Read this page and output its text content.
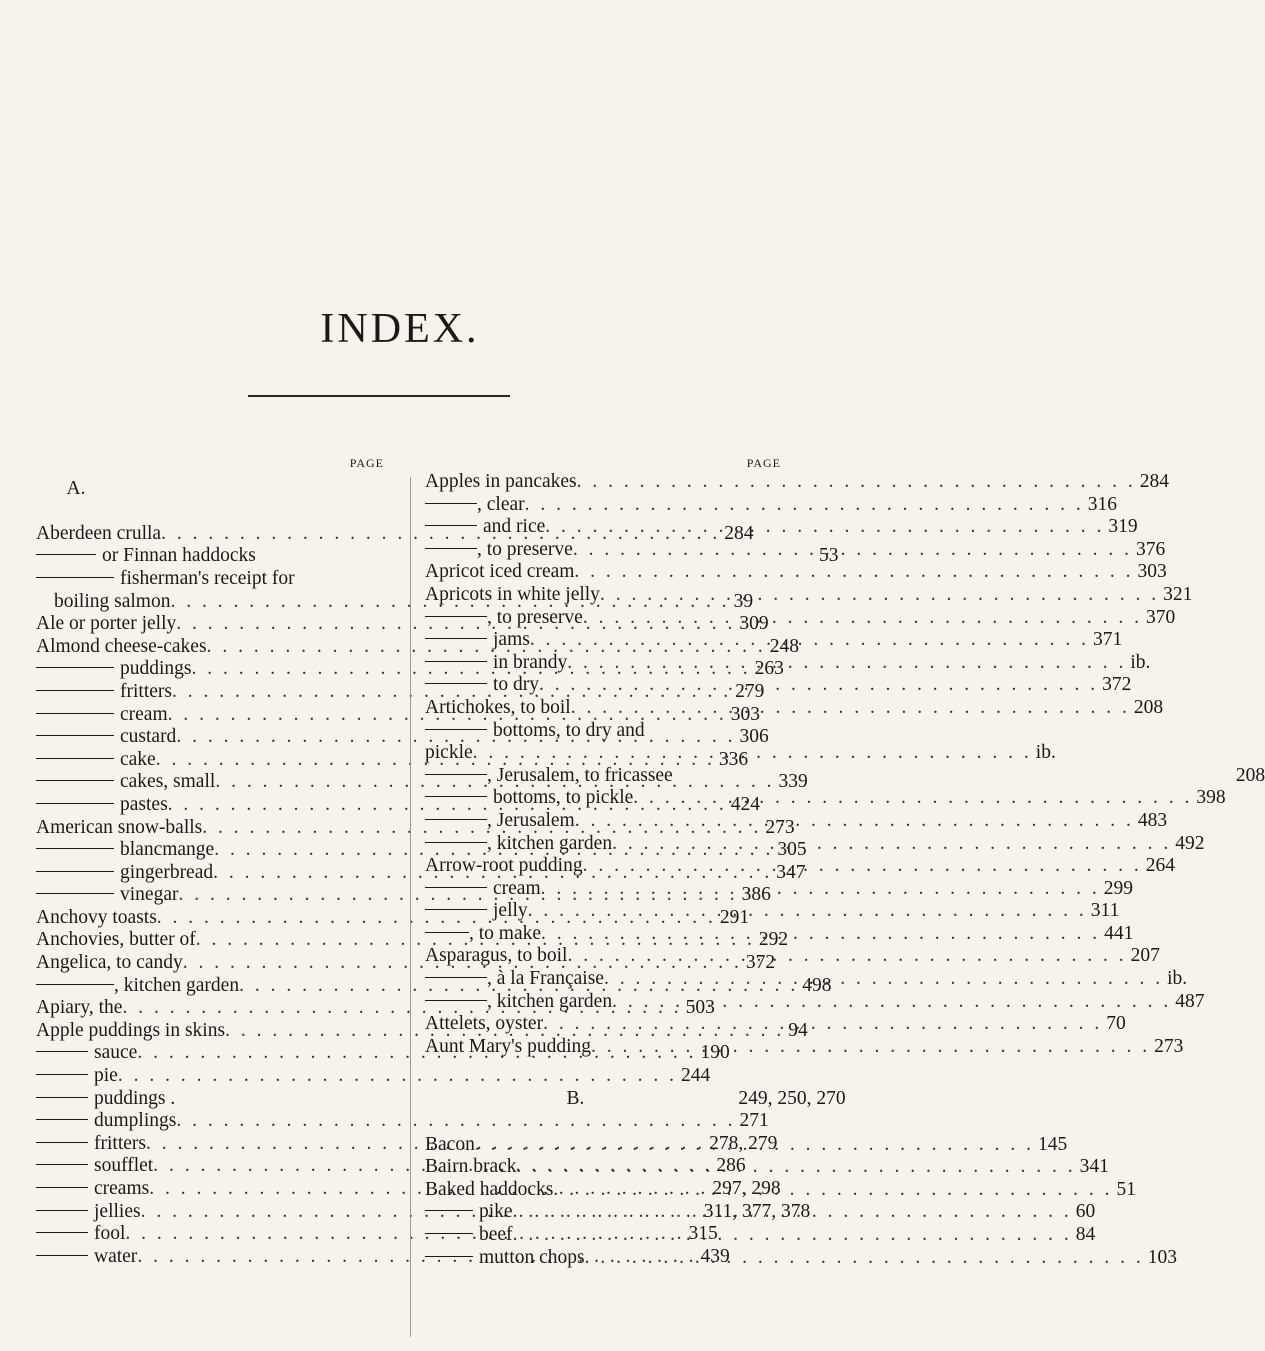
INDEX.
PAGE
A.
Aberdeen crulla . . .	284
or Finnan haddocks	53
fisherman's receipt for
boiling salmon . . .	39
Ale or porter jelly . . .	309
Almond cheese-cakes . . .	248
puddings . . .	263
fritters . . .	279
cream . . .	303
custard . . .	306
cake . . .	336
cakes, small . . .	339
pastes . . .	424
American snow-balls . . .	273
blancmange . . .	305
gingerbread . . .	347
vinegar . . .	386
Anchovy toasts . . .	291
Anchovies, butter of . . .	292
Angelica, to candy . . .	372
, kitchen garden . . .	498
Apiary, the . . .	503
Apple puddings in skins . . .	94
sauce . . .	190
pie . . .	244
puddings .	249, 250, 270
dumplings . . .	271
fritters . . .	278, 279
soufflet . . .	286
creams . . .	297, 298
jellies . . .	311, 377, 378
fool . . .	315
water . . .	439
PAGE
Apples in pancakes . . .	284
, clear . . .	316
and rice . . .	319
, to preserve . . .	376
Apricot iced cream . . .	303
Apricots in white jelly . . .	321
, to preserve . . .	370
jams . . .	371
in brandy . . .	ib.
to dry . . .	372
Artichokes, to boil . . .	208
bottoms, to dry and
pickle . . .	ib.
, Jerusalem, to fricassee	208
bottoms, to pickle . . .	398
, Jerusalem . . .	483
, kitchen garden . . .	492
Arrow-root pudding . . .	264
cream . . .	299
jelly . . .	311
, to make . . .	441
Asparagus, to boil . . .	207
, à la Française . . .	ib.
, kitchen garden . . .	487
Attelets, oyster . . .	70
Aunt Mary's pudding . . .	273
B.
Bacon . . .	145
Bairn brack . . .	341
Baked haddocks . . .	51
pike . . .	60
beef . . .	84
mutton chops . . .	103
